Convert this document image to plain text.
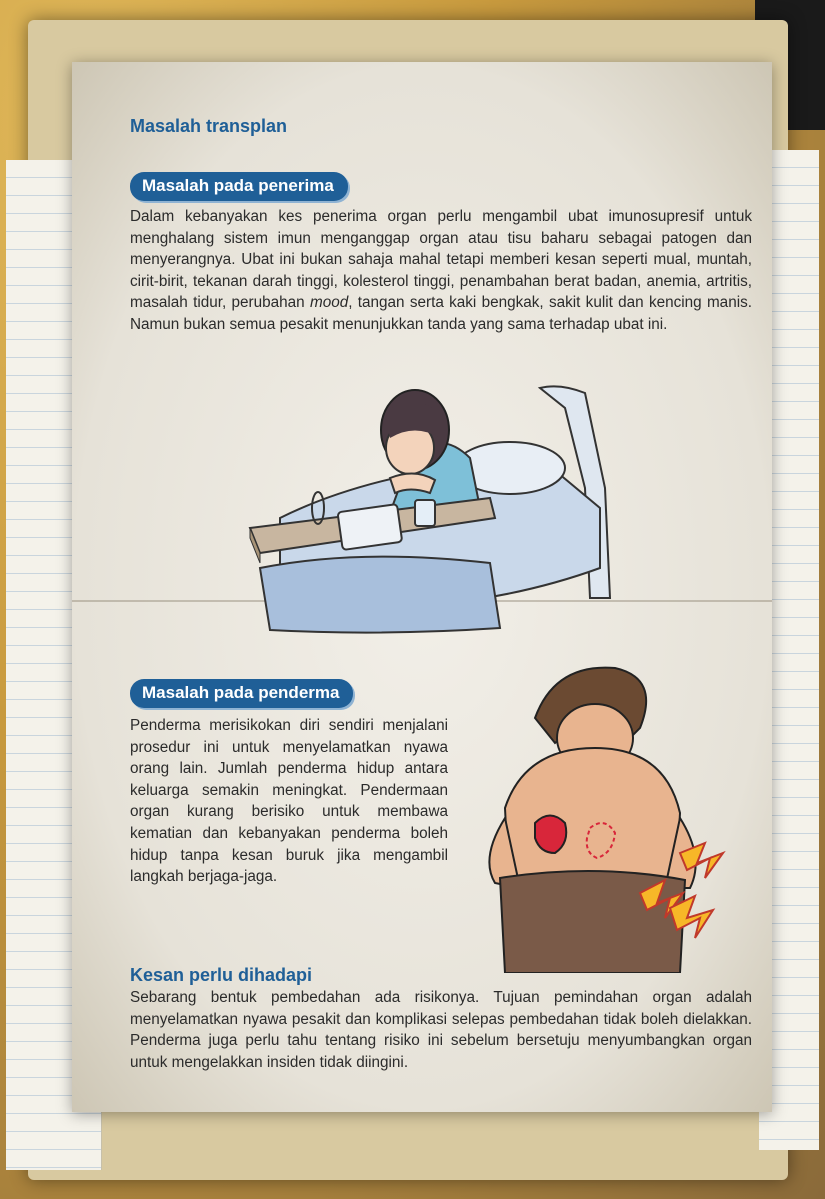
Masalah transplan
Masalah pada penerima

Dalam kebanyakan kes penerima organ perlu mengambil ubat imunosupresif untuk menghalang sistem imun menganggap organ atau tisu baharu sebagai patogen dan menyerangnya. Ubat ini bukan sahaja mahal tetapi memberi kesan seperti mual, muntah, cirit-birit, tekanan darah tinggi, kolesterol tinggi, penambahan berat badan, anemia, artritis, masalah tidur, perubahan mood, tangan serta kaki bengkak, sakit kulit dan kencing manis. Namun bukan semua pesakit menunjukkan tanda yang sama terhadap ubat ini.

Masalah pada penderma

Penderma merisikokan diri sendiri menjalani prosedur ini untuk menyelamatkan nyawa orang lain. Jumlah penderma hidup antara keluarga semakin meningkat. Pendermaan organ kurang berisiko untuk membawa kematian dan kebanyakan penderma boleh hidup tanpa kesan buruk jika mengambil langkah berjaga-jaga.

Kesan perlu dihadapi

Sebarang bentuk pembedahan ada risikonya. Tujuan pemindahan organ adalah menyelamatkan nyawa pesakit dan komplikasi selepas pembedahan tidak boleh dielakkan. Penderma juga perlu tahu tentang risiko ini sebelum bersetuju menyumbangkan organ untuk mengelakkan insiden tidak diingini.
